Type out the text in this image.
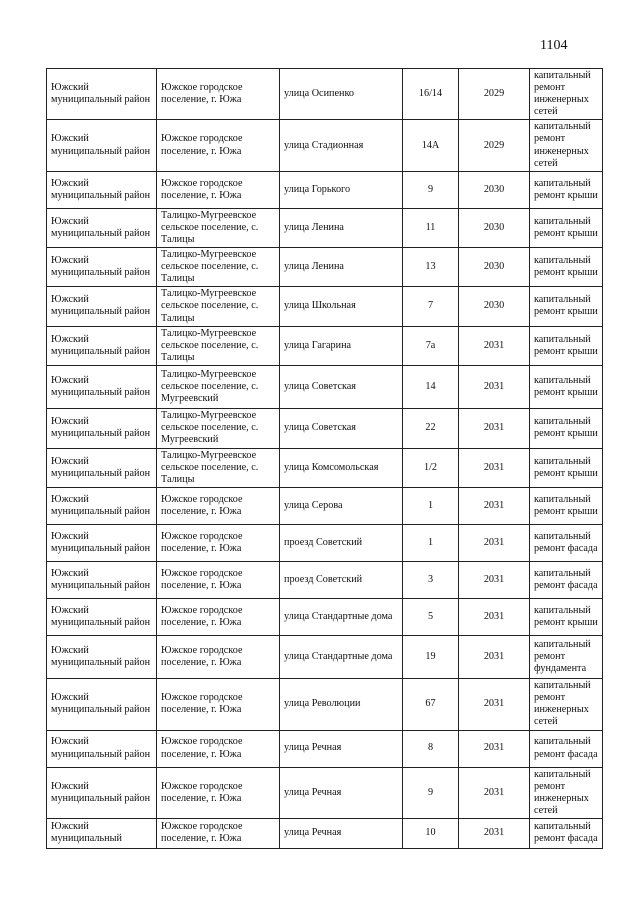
1104
Южский муниципальный район	Южское городское поселение, г. Южа	улица Осипенко	16/14	2029	капитальный ремонт инженерных сетей
Южский муниципальный район	Южское городское поселение, г. Южа	улица Стадионная	14А	2029	капитальный ремонт инженерных сетей
Южский муниципальный район	Южское городское поселение, г. Южа	улица Горького	9	2030	капитальный ремонт крыши
Южский муниципальный район	Талицко-Мугреевское сельское поселение, с. Талицы	улица Ленина	11	2030	капитальный ремонт крыши
Южский муниципальный район	Талицко-Мугреевское сельское поселение, с. Талицы	улица Ленина	13	2030	капитальный ремонт крыши
Южский муниципальный район	Талицко-Мугреевское сельское поселение, с. Талицы	улица Школьная	7	2030	капитальный ремонт крыши
Южский муниципальный район	Талицко-Мугреевское сельское поселение, с. Талицы	улица Гагарина	7а	2031	капитальный ремонт крыши
Южский муниципальный район	Талицко-Мугреевское сельское поселение, с. Мугреевский	улица Советская	14	2031	капитальный ремонт крыши
Южский муниципальный район	Талицко-Мугреевское сельское поселение, с. Мугреевский	улица Советская	22	2031	капитальный ремонт крыши
Южский муниципальный район	Талицко-Мугреевское сельское поселение, с. Талицы	улица Комсомольская	1/2	2031	капитальный ремонт крыши
Южский муниципальный район	Южское городское поселение, г. Южа	улица Серова	1	2031	капитальный ремонт крыши
Южский муниципальный район	Южское городское поселение, г. Южа	проезд Советский	1	2031	капитальный ремонт фасада
Южский муниципальный район	Южское городское поселение, г. Южа	проезд Советский	3	2031	капитальный ремонт фасада
Южский муниципальный район	Южское городское поселение, г. Южа	улица Стандартные дома	5	2031	капитальный ремонт крыши
Южский муниципальный район	Южское городское поселение, г. Южа	улица Стандартные дома	19	2031	капитальный ремонт фундамента
Южский муниципальный район	Южское городское поселение, г. Южа	улица Революции	67	2031	капитальный ремонт инженерных сетей
Южский муниципальный район	Южское городское поселение, г. Южа	улица Речная	8	2031	капитальный ремонт фасада
Южский муниципальный район	Южское городское поселение, г. Южа	улица Речная	9	2031	капитальный ремонт инженерных сетей
Южский муниципальный	Южское городское поселение, г. Южа	улица Речная	10	2031	капитальный ремонт фасада
